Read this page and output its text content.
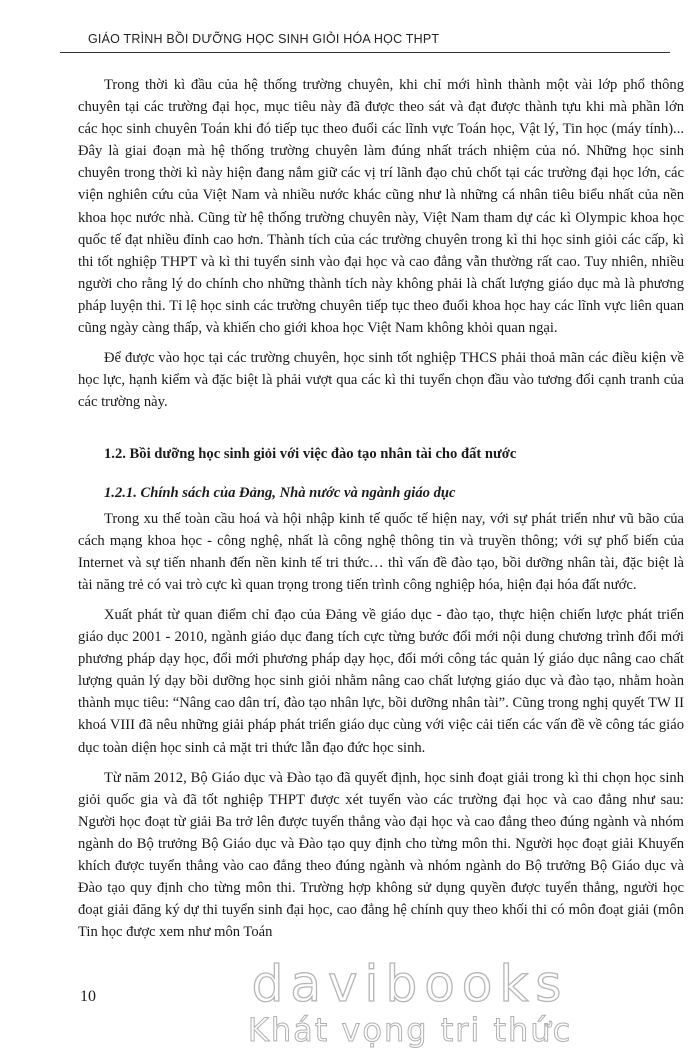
GIÁO TRÌNH BỒI DƯỠNG HỌC SINH GIỎI HÓA HỌC THPT

Trong thời kì đầu của hệ thống trường chuyên, khi chỉ mới hình thành một vài lớp phổ thông chuyên tại các trường đại học, mục tiêu này đã được theo sát và đạt được thành tựu khi mà phần lớn các học sinh chuyên Toán khi đó tiếp tục theo đuổi các lĩnh vực Toán học, Vật lý, Tin học (máy tính)... Đây là giai đoạn mà hệ thống trường chuyên làm đúng nhất trách nhiệm của nó. Những học sinh chuyên trong thời kì này hiện đang nắm giữ các vị trí lãnh đạo chủ chốt tại các trường đại học lớn, các viện nghiên cứu của Việt Nam và nhiều nước khác cũng như là những cá nhân tiêu biểu nhất của nền khoa học nước nhà. Cũng từ hệ thống trường chuyên này, Việt Nam tham dự các kì Olympic khoa học quốc tế đạt nhiều đỉnh cao hơn. Thành tích của các trường chuyên trong kì thi học sinh giỏi các cấp, kì thi tốt nghiệp THPT và kì thi tuyển sinh vào đại học và cao đẳng vẫn thường rất cao. Tuy nhiên, nhiều người cho rằng lý do chính cho những thành tích này không phải là chất lượng giáo dục mà là phương pháp luyện thi. Tỉ lệ học sinh các trường chuyên tiếp tục theo đuổi khoa học hay các lĩnh vực liên quan cũng ngày càng thấp, và khiến cho giới khoa học Việt Nam không khỏi quan ngại.

Để được vào học tại các trường chuyên, học sinh tốt nghiệp THCS phải thoả mãn các điều kiện về học lực, hạnh kiểm và đặc biệt là phải vượt qua các kì thi tuyển chọn đầu vào tương đối cạnh tranh của các trường này.

1.2. Bồi dưỡng học sinh giỏi với việc đào tạo nhân tài cho đất nước
1.2.1. Chính sách của Đảng, Nhà nước và ngành giáo dục

Trong xu thế toàn cầu hoá và hội nhập kinh tế quốc tế hiện nay, với sự phát triển như vũ bão của cách mạng khoa học - công nghệ, nhất là công nghệ thông tin và truyền thông; với sự phổ biến của Internet và sự tiến nhanh đến nền kinh tế tri thức… thì vấn đề đào tạo, bồi dưỡng nhân tài, đặc biệt là tài năng trẻ có vai trò cực kì quan trọng trong tiến trình công nghiệp hóa, hiện đại hóa đất nước.

Xuất phát từ quan điểm chỉ đạo của Đảng về giáo dục - đào tạo, thực hiện chiến lược phát triển giáo dục 2001 - 2010, ngành giáo dục đang tích cực từng bước đổi mới nội dung chương trình đổi mới phương pháp dạy học, đổi mới phương pháp dạy học, đổi mới công tác quản lý giáo dục nâng cao chất lượng quản lý dạy bồi dưỡng học sinh giỏi nhằm nâng cao chất lượng giáo dục và đào tạo, nhằm hoàn thành mục tiêu: “Nâng cao dân trí, đào tạo nhân lực, bồi dưỡng nhân tài”. Cũng trong nghị quyết TW II khoá VIII đã nêu những giải pháp phát triển giáo dục cùng với việc cải tiến các vấn đề về công tác giáo dục toàn diện học sinh cả mặt tri thức lẫn đạo đức học sinh.

Từ năm 2012, Bộ Giáo dục và Đào tạo đã quyết định, học sinh đoạt giải trong kì thi chọn học sinh giỏi quốc gia và đã tốt nghiệp THPT được xét tuyển vào các trường đại học và cao đẳng như sau: Người học đoạt từ giải Ba trở lên được tuyển thẳng vào đại học và cao đẳng theo đúng ngành và nhóm ngành do Bộ trưởng Bộ Giáo dục và Đào tạo quy định cho từng môn thi. Người học đoạt giải Khuyến khích được tuyển thẳng vào cao đẳng theo đúng ngành và nhóm ngành do Bộ trưởng Bộ Giáo dục và Đào tạo quy định cho từng môn thi. Trường hợp không sử dụng quyền được tuyển thẳng, người học đoạt giải đăng ký dự thi tuyển sinh đại học, cao đẳng hệ chính quy theo khối thi có môn đoạt giải (môn Tin học được xem như môn Toán

10	davibooks
Khát vọng tri thức
